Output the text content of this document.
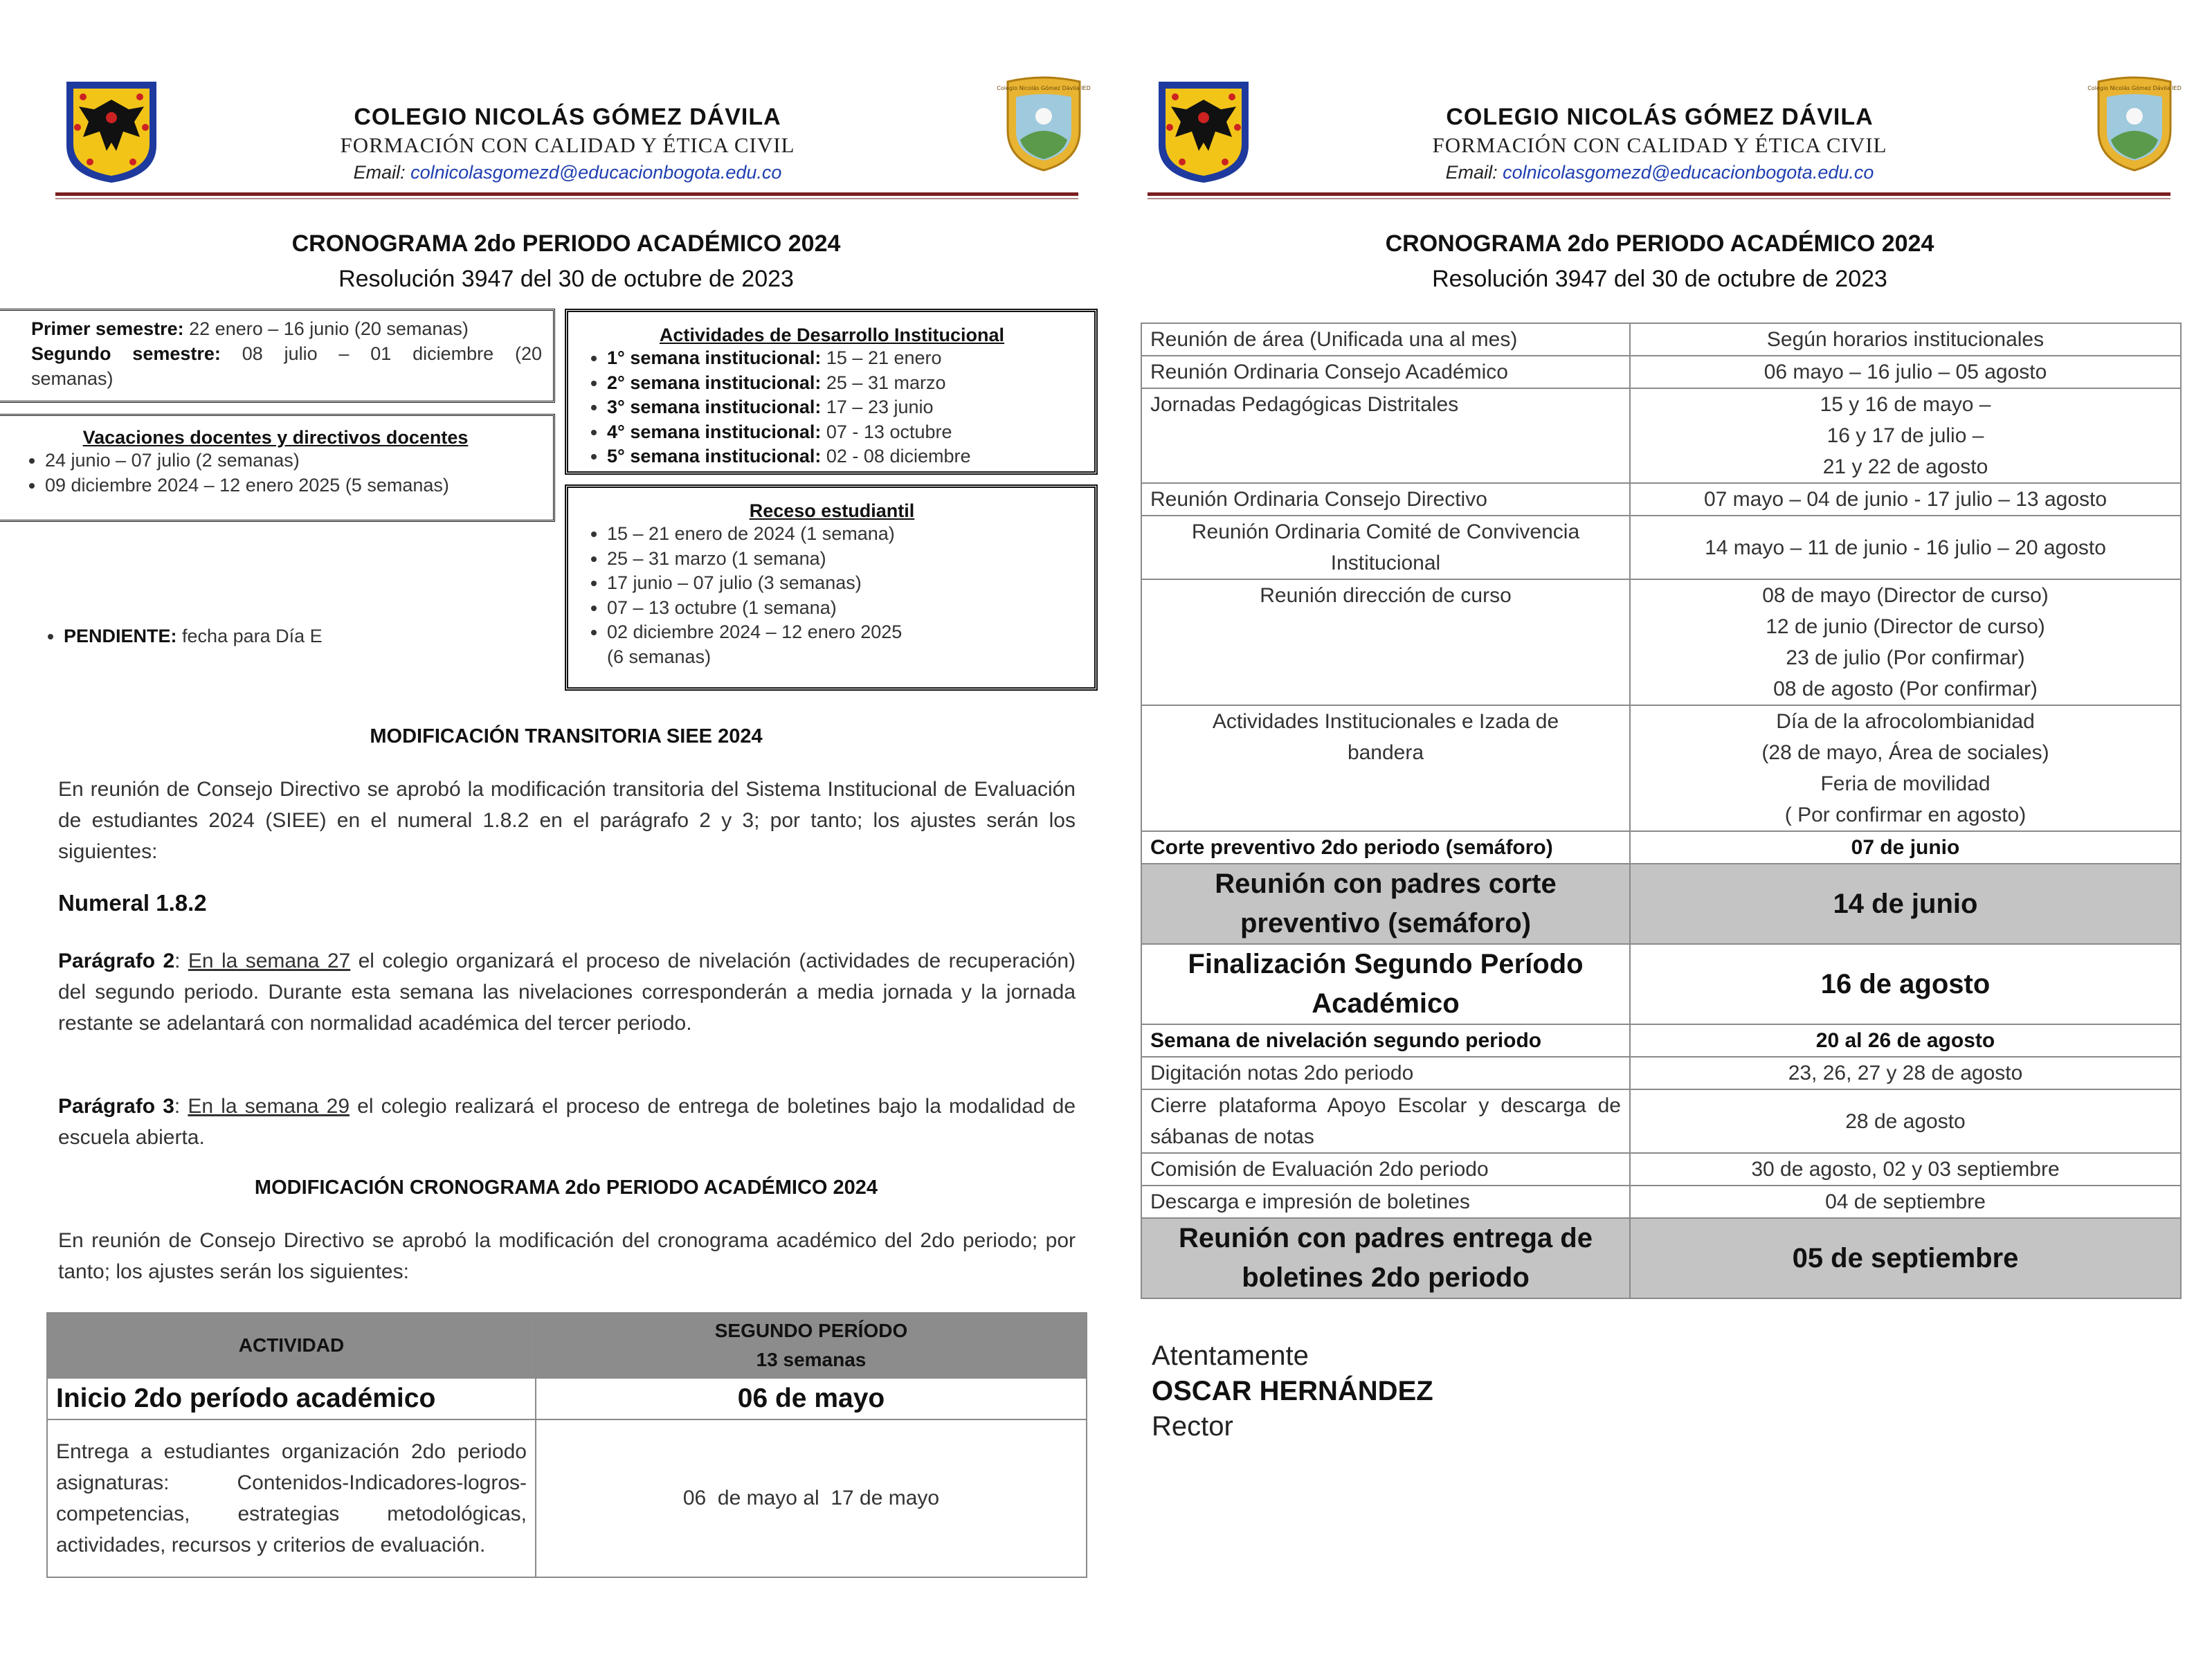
COLEGIO NICOLÁS GÓMEZ DÁVILA
FORMACIÓN CON CALIDAD Y ÉTICA CIVIL
Email: colnicolasgomezd@educacionbogota.edu.co
Colegio Nicolás Gómez Dávila IED
CRONOGRAMA 2do PERIODO ACADÉMICO 2024
Resolución 3947 del 30 de octubre de 2023
Primer semestre: 22 enero – 16 junio (20 semanas)
Segundo semestre: 08 julio – 01 diciembre (20
semanas)
Vacaciones docentes y directivos docentes
• 24 junio – 07 julio (2 semanas)
• 09 diciembre 2024 – 12 enero 2025 (5 semanas)
Actividades de Desarrollo Institucional
• 1° semana institucional: 15 – 21 enero
• 2° semana institucional: 25 – 31 marzo
• 3° semana institucional: 17 – 23 junio
• 4° semana institucional: 07 - 13 octubre
• 5° semana institucional: 02 - 08 diciembre
Receso estudiantil
• 15 – 21 enero de 2024 (1 semana)
• 25 – 31 marzo (1 semana)
• 17 junio – 07 julio (3 semanas)
• 07 – 13 octubre (1 semana)
• 02 diciembre 2024 – 12 enero 2025
(6 semanas)
• PENDIENTE: fecha para Día E
MODIFICACIÓN TRANSITORIA SIEE 2024
En reunión de Consejo Directivo se aprobó la modificación transitoria del Sistema Institucional de Evaluación de estudiantes 2024 (SIEE) en el numeral 1.8.2 en el parágrafo 2 y 3; por tanto; los ajustes serán los siguientes:
Numeral 1.8.2
Parágrafo 2: En la semana 27 el colegio organizará el proceso de nivelación (actividades de recuperación) del segundo periodo. Durante esta semana las nivelaciones corresponderán a media jornada y la jornada restante se adelantará con normalidad académica del tercer periodo.
Parágrafo 3: En la semana 29 el colegio realizará el proceso de entrega de boletines bajo la modalidad de escuela abierta.
MODIFICACIÓN CRONOGRAMA 2do PERIODO ACADÉMICO 2024
En reunión de Consejo Directivo se aprobó la modificación del cronograma académico del 2do periodo; por tanto; los ajustes serán los siguientes:
ACTIVIDAD	SEGUNDO PERÍODO
13 semanas
Inicio 2do período académico	06 de mayo
Entrega a estudiantes organización 2do periodo asignaturas: Contenidos-Indicadores-logros-competencias, estrategias metodológicas, actividades, recursos y criterios de evaluación.	06  de mayo al  17 de mayo
COLEGIO NICOLÁS GÓMEZ DÁVILA
FORMACIÓN CON CALIDAD Y ÉTICA CIVIL
Email: colnicolasgomezd@educacionbogota.edu.co
Colegio Nicolás Gómez Dávila IED
CRONOGRAMA 2do PERIODO ACADÉMICO 2024
Resolución 3947 del 30 de octubre de 2023
Reunión de área (Unificada una al mes)	Según horarios institucionales
Reunión Ordinaria Consejo Académico	06 mayo – 16 julio – 05 agosto
Jornadas Pedagógicas Distritales	15 y 16 de mayo –
16 y 17 de julio –
21 y 22 de agosto
Reunión Ordinaria Consejo Directivo	07 mayo – 04 de junio - 17 julio – 13 agosto
Reunión Ordinaria Comité de Convivencia
Institucional	14 mayo – 11 de junio - 16 julio – 20 agosto
Reunión dirección de curso	08 de mayo (Director de curso)
12 de junio (Director de curso)
23 de julio (Por confirmar)
08 de agosto (Por confirmar)
Actividades Institucionales e Izada de
bandera	Día de la afrocolombianidad
(28 de mayo, Área de sociales)
Feria de movilidad
( Por confirmar en agosto)
Corte preventivo 2do periodo (semáforo)	07 de junio
Reunión con padres corte
preventivo (semáforo)	14 de junio
Finalización Segundo Período
Académico	16 de agosto
Semana de nivelación segundo periodo	20 al 26 de agosto
Digitación notas 2do periodo	23, 26, 27 y 28 de agosto
Cierre plataforma Apoyo Escolar y descarga de sábanas de notas	28 de agosto
Comisión de Evaluación 2do periodo	30 de agosto, 02 y 03 septiembre
Descarga e impresión de boletines	04 de septiembre
Reunión con padres entrega de
boletines 2do periodo	05 de septiembre
Atentamente
OSCAR HERNÁNDEZ
Rector
